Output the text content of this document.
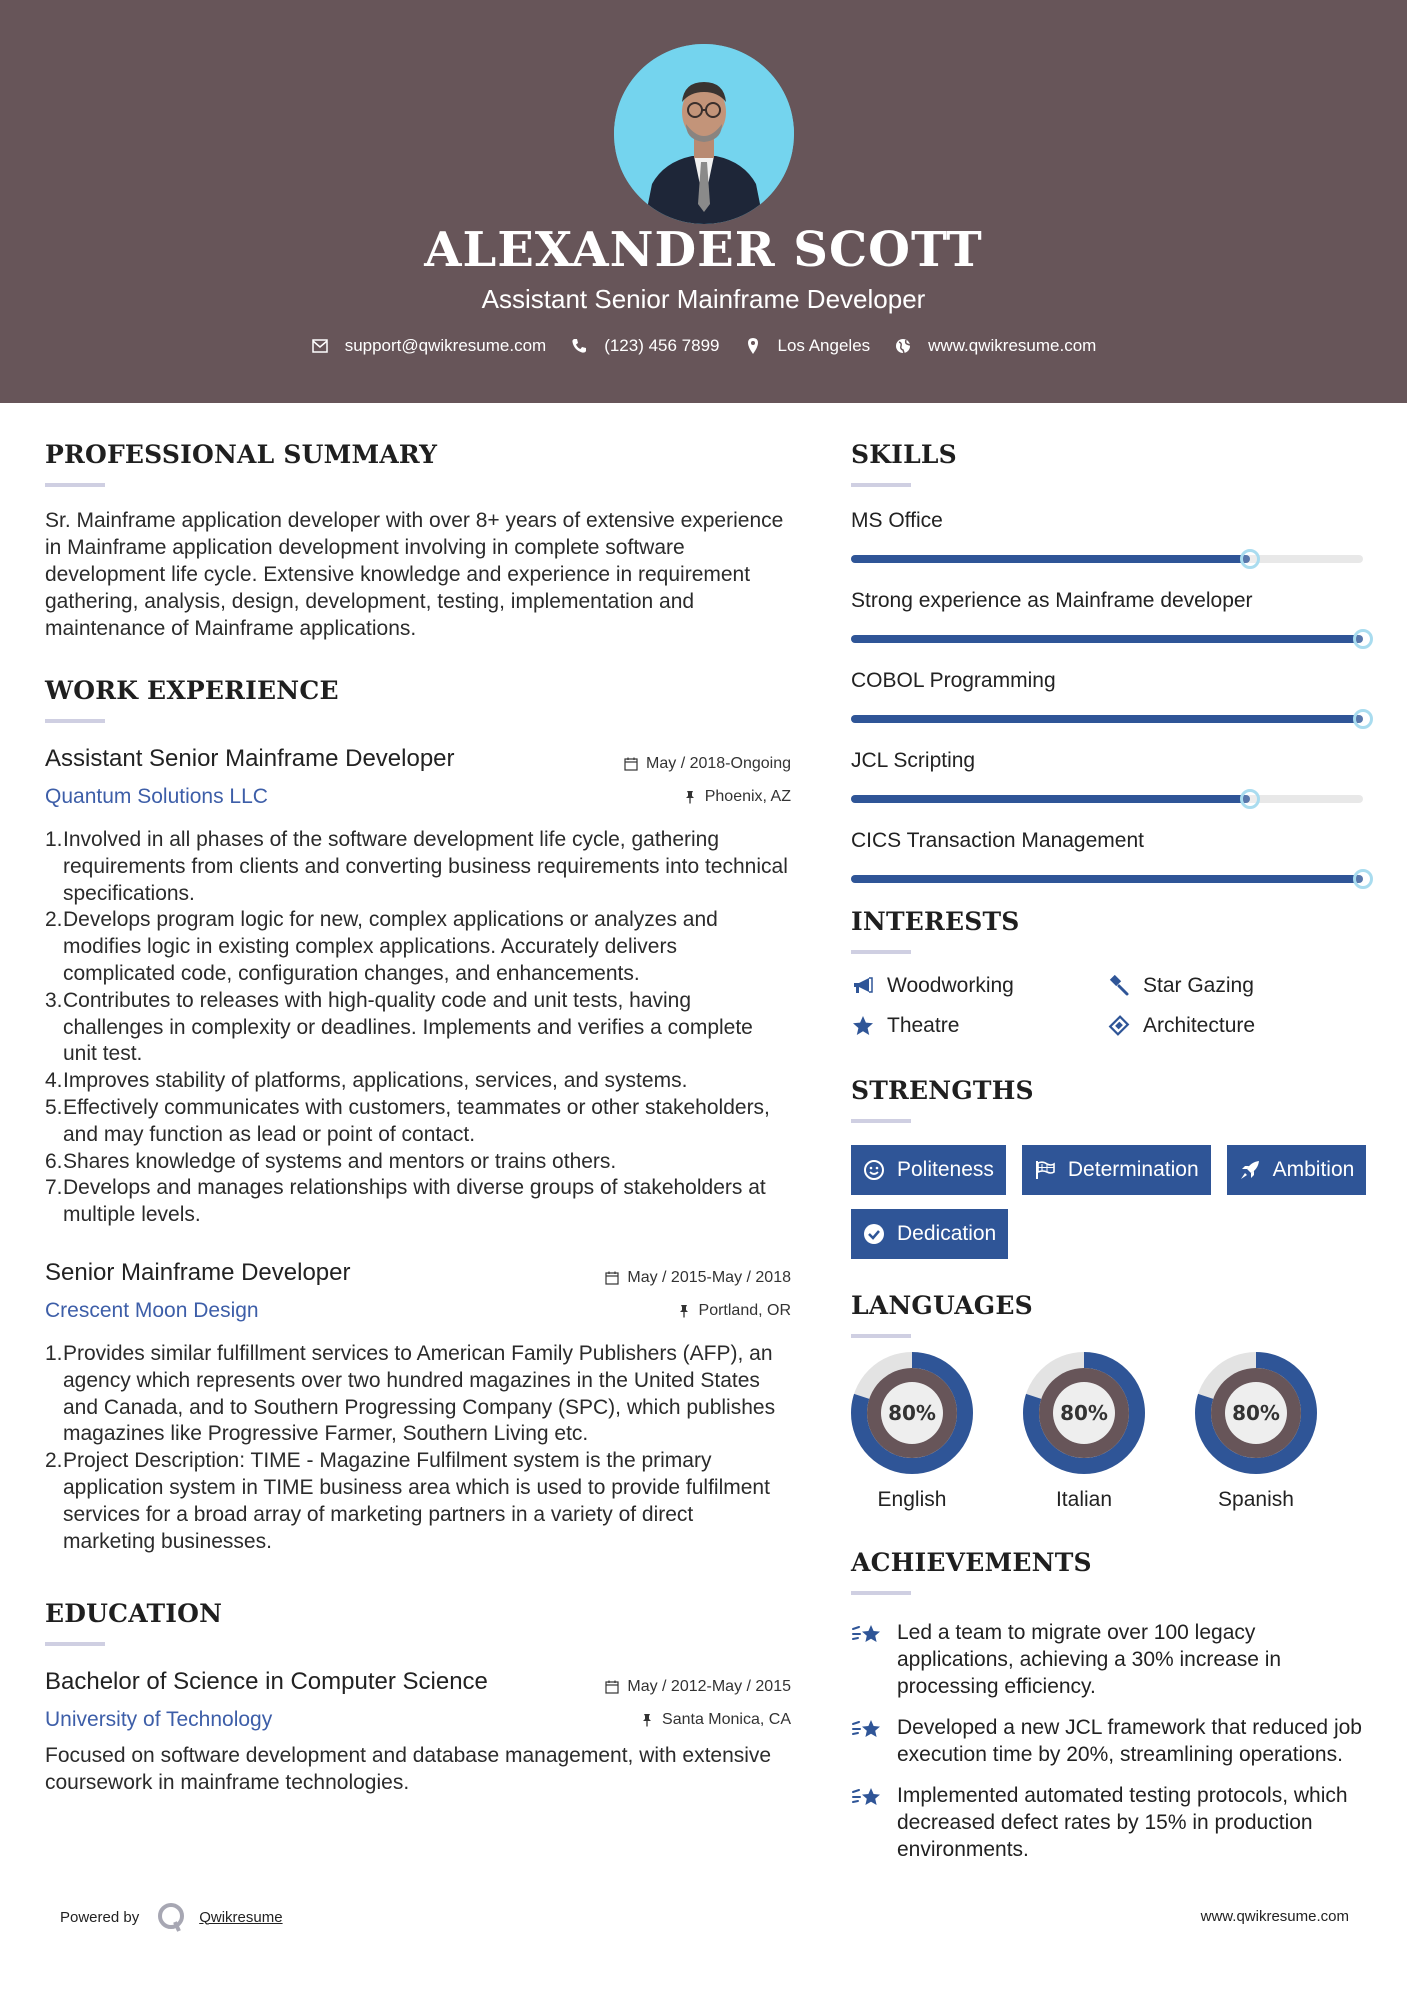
ALEXANDER SCOTT
Assistant Senior Mainframe Developer
support@qwikresume.com	(123) 456 7899	Los Angeles	www.qwikresume.com
PROFESSIONAL SUMMARY

Sr. Mainframe application developer with over 8+ years of extensive experience in Mainframe application development involving in complete software development life cycle. Extensive knowledge and experience in requirement gathering, analysis, design, development, testing, implementation and maintenance of Mainframe applications.

WORK EXPERIENCE
Assistant Senior Mainframe Developer	May / 2018-Ongoing
Quantum Solutions LLC	Phoenix, AZ
1. Involved in all phases of the software development life cycle, gathering requirements from clients and converting business requirements into technical specifications.
2. Develops program logic for new, complex applications or analyzes and modifies logic in existing complex applications. Accurately delivers complicated code, configuration changes, and enhancements.
3. Contributes to releases with high-quality code and unit tests, having challenges in complexity or deadlines. Implements and verifies a complete unit test.
4. Improves stability of platforms, applications, services, and systems.
5. Effectively communicates with customers, teammates or other stakeholders, and may function as lead or point of contact.
6. Shares knowledge of systems and mentors or trains others.
7. Develops and manages relationships with diverse groups of stakeholders at multiple levels.
Senior Mainframe Developer	May / 2015-May / 2018
Crescent Moon Design	Portland, OR
1. Provides similar fulfillment services to American Family Publishers (AFP), an agency which represents over two hundred magazines in the United States and Canada, and to Southern Progressing Company (SPC), which publishes magazines like Progressive Farmer, Southern Living etc.
2. Project Description: TIME - Magazine Fulfilment system is the primary application system in TIME business area which is used to provide fulfilment services for a broad array of marketing partners in a variety of direct marketing businesses.
EDUCATION
Bachelor of Science in Computer Science	May / 2012-May / 2015
University of Technology	Santa Monica, CA

Focused on software development and database management, with extensive coursework in mainframe technologies.

SKILLS
MS Office
Strong experience as Mainframe developer
COBOL Programming
JCL Scripting
CICS Transaction Management
INTERESTS
Woodworking	Star Gazing
Theatre	Architecture
STRENGTHS
Politeness	Determination	Ambition
Dedication
LANGUAGES
80%
English
80%
Italian
80%
Spanish
ACHIEVEMENTS
Led a team to migrate over 100 legacy applications, achieving a 30% increase in processing efficiency.
Developed a new JCL framework that reduced job execution time by 20%, streamlining operations.
Implemented automated testing protocols, which decreased defect rates by 15% in production environments.
Powered by	Qwikresume	www.qwikresume.com
